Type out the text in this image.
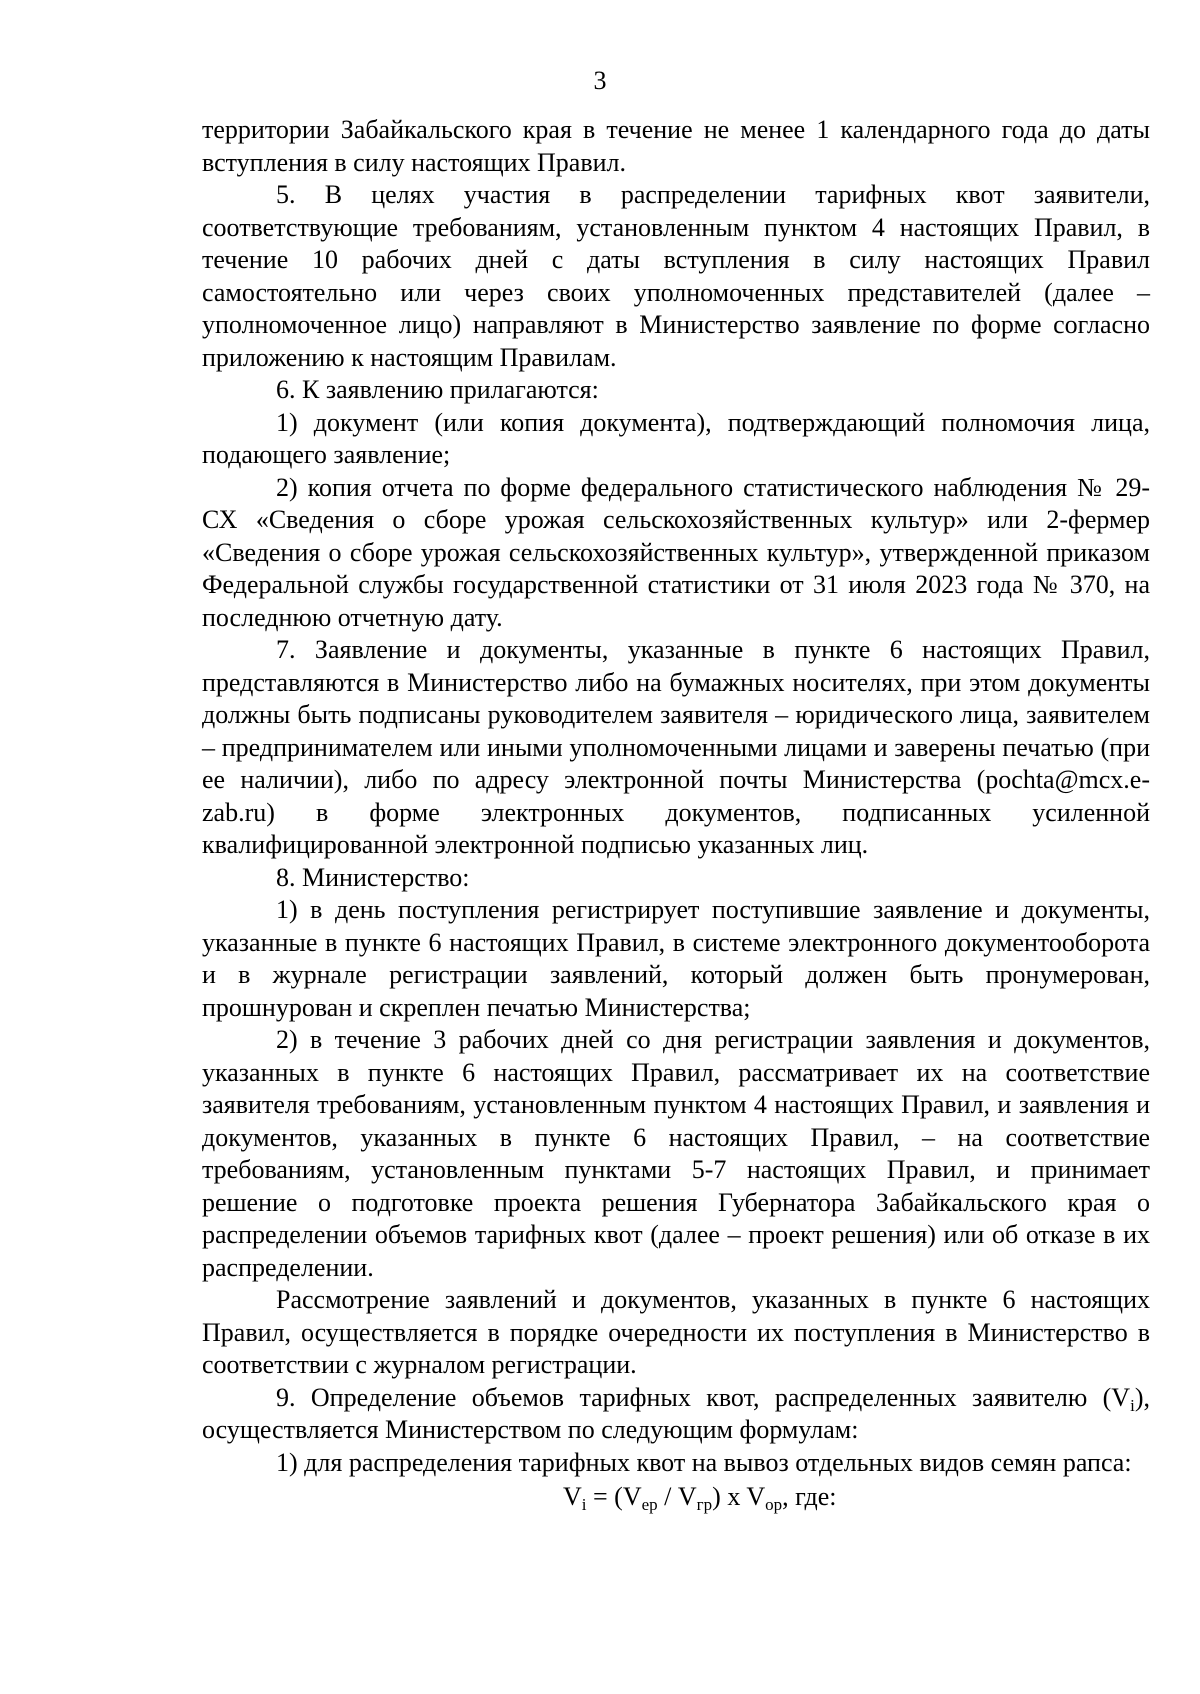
3

территории Забайкальского края в течение не менее 1 календарного года до даты вступления в силу настоящих Правил.

5. В целях участия в распределении тарифных квот заявители, соответствующие требованиям, установленным пунктом 4 настоящих Правил, в течение 10 рабочих дней с даты вступления в силу настоящих Правил самостоятельно или через своих уполномоченных представителей (далее – уполномоченное лицо) направляют в Министерство заявление по форме согласно приложению к настоящим Правилам.

6. К заявлению прилагаются:

1) документ (или копия документа), подтверждающий полномочия лица, подающего заявление;

2) копия отчета по форме федерального статистического наблюдения № 29-СХ «Сведения о сборе урожая сельскохозяйственных культур» или 2-фермер «Сведения о сборе урожая сельскохозяйственных культур», утвержденной приказом Федеральной службы государственной статистики от 31 июля 2023 года № 370, на последнюю отчетную дату.

7. Заявление и документы, указанные в пункте 6 настоящих Правил, представляются в Министерство либо на бумажных носителях, при этом документы должны быть подписаны руководителем заявителя – юридического лица, заявителем – предпринимателем или иными уполномоченными лицами и заверены печатью (при ее наличии), либо по адресу электронной почты Министерства (pochta@mcx.e-zab.ru) в форме электронных документов, подписанных усиленной квалифицированной электронной подписью указанных лиц.

8. Министерство:

1) в день поступления регистрирует поступившие заявление и документы, указанные в пункте 6 настоящих Правил, в системе электронного документооборота и в журнале регистрации заявлений, который должен быть пронумерован, прошнурован и скреплен печатью Министерства;

2) в течение 3 рабочих дней со дня регистрации заявления и документов, указанных в пункте 6 настоящих Правил, рассматривает их на соответствие заявителя требованиям, установленным пунктом 4 настоящих Правил, и заявления и документов, указанных в пункте 6 настоящих Правил, – на соответствие требованиям, установленным пунктами 5-7 настоящих Правил, и принимает решение о подготовке проекта решения Губернатора Забайкальского края о распределении объемов тарифных квот (далее – проект решения) или об отказе в их распределении.

Рассмотрение заявлений и документов, указанных в пункте 6 настоящих Правил, осуществляется в порядке очередности их поступления в Министерство в соответствии с журналом регистрации.

9. Определение объемов тарифных квот, распределенных заявителю $(V_i)$, осуществляется Министерством по следующим формулам:

1) для распределения тарифных квот на вывоз отдельных видов семян рапса:

$V_i = (V_{ер} / V_{гр})$ x $V_{ор}$, где:
